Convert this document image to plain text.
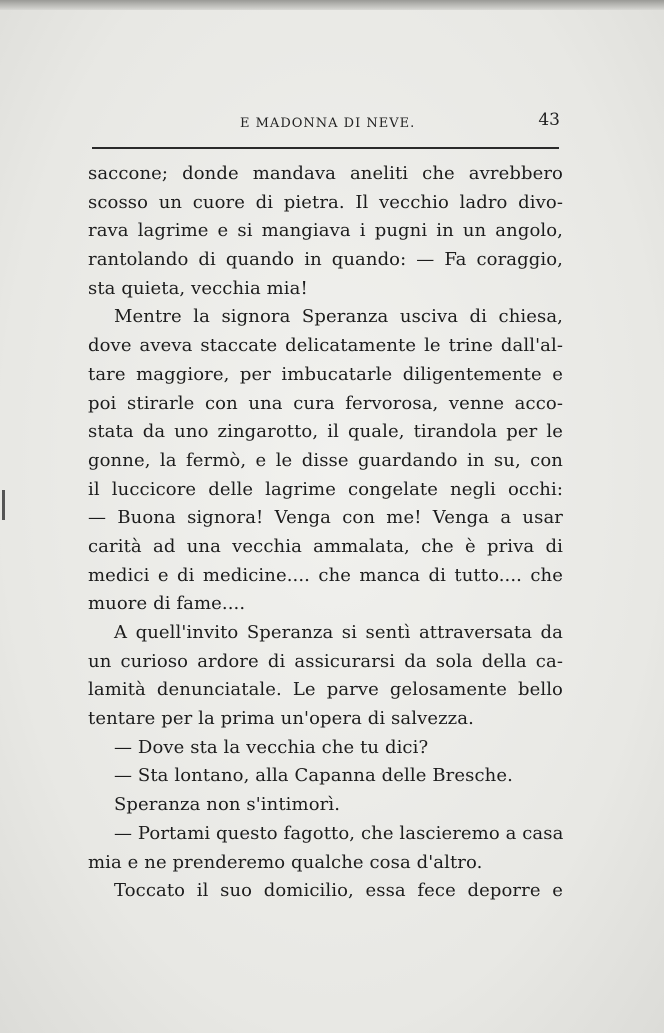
E MADONNA DI NEVE.	43
saccone; donde mandava aneliti che avrebbero
scosso un cuore di pietra. Il vecchio ladro divo-
rava lagrime e si mangiava i pugni in un angolo,
rantolando di quando in quando: — Fa coraggio,
sta quieta, vecchia mia!
Mentre la signora Speranza usciva di chiesa,
dove aveva staccate delicatamente le trine dall'al-
tare maggiore, per imbucatarle diligentemente e
poi stirarle con una cura fervorosa, venne acco-
stata da uno zingarotto, il quale, tirandola per le
gonne, la fermò, e le disse guardando in su, con
il luccicore delle lagrime congelate negli occhi:
— Buona signora! Venga con me! Venga a usar
carità ad una vecchia ammalata, che è priva di
medici e di medicine.... che manca di tutto.... che
muore di fame....
A quell'invito Speranza si sentì attraversata da
un curioso ardore di assicurarsi da sola della ca-
lamità denunciatale. Le parve gelosamente bello
tentare per la prima un'opera di salvezza.
— Dove sta la vecchia che tu dici?
— Sta lontano, alla Capanna delle Bresche.
Speranza non s'intimorì.
— Portami questo fagotto, che lascieremo a casa
mia e ne prenderemo qualche cosa d'altro.
Toccato il suo domicilio, essa fece deporre e
